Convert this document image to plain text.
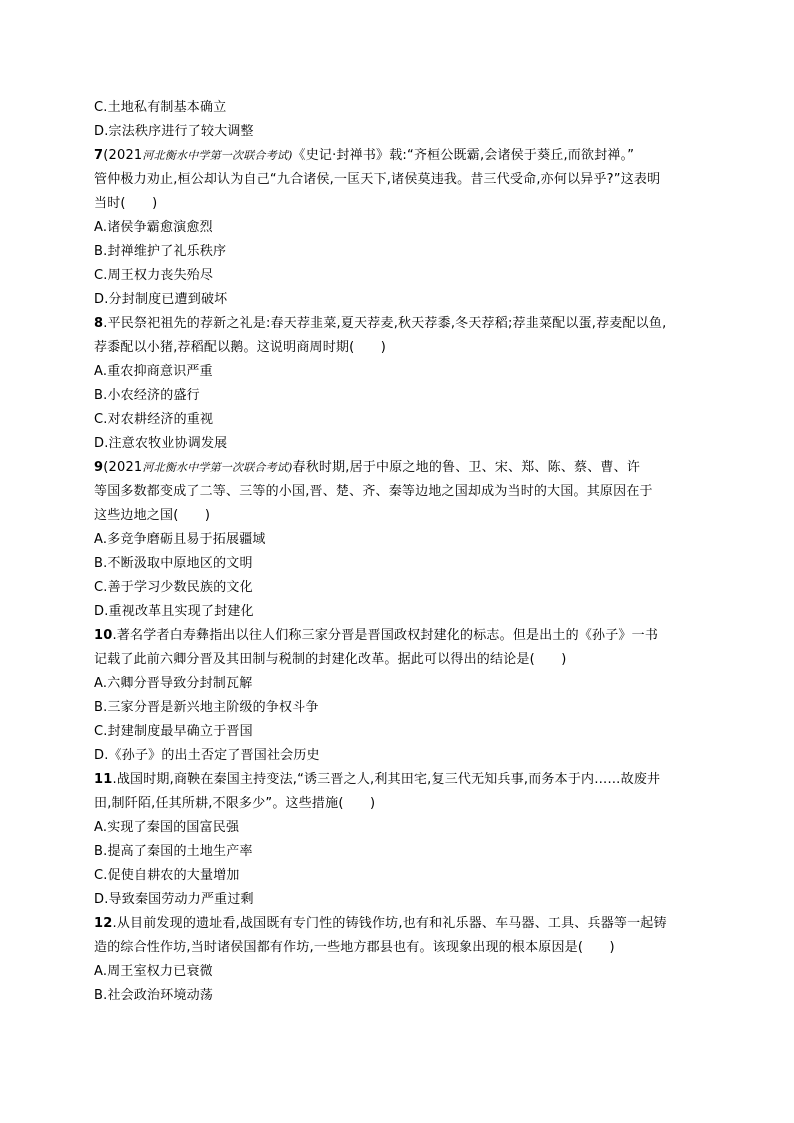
C.土地私有制基本确立
D.宗法秩序进行了较大调整
7(2021河北衡水中学第一次联合考试)《史记·封禅书》载:“齐桓公既霸,会诸侯于葵丘,而欲封禅。”
管仲极力劝止,桓公却认为自己“九合诸侯,一匡天下,诸侯莫违我。昔三代受命,亦何以异乎?”这表明
当时(　　)
A.诸侯争霸愈演愈烈
B.封禅维护了礼乐秩序
C.周王权力丧失殆尽
D.分封制度已遭到破坏
8.平民祭祀祖先的荐新之礼是:春天荐韭菜,夏天荐麦,秋天荐黍,冬天荐稻;荐韭菜配以蛋,荐麦配以鱼,
荐黍配以小猪,荐稻配以鹅。这说明商周时期(　　)
A.重农抑商意识严重
B.小农经济的盛行
C.对农耕经济的重视
D.注意农牧业协调发展
9(2021河北衡水中学第一次联合考试)春秋时期,居于中原之地的鲁、卫、宋、郑、陈、蔡、曹、许
等国多数都变成了二等、三等的小国,晋、楚、齐、秦等边地之国却成为当时的大国。其原因在于
这些边地之国(　　)
A.多竞争磨砺且易于拓展疆域
B.不断汲取中原地区的文明
C.善于学习少数民族的文化
D.重视改革且实现了封建化
10.著名学者白寿彝指出以往人们称三家分晋是晋国政权封建化的标志。但是出土的《孙子》一书
记载了此前六卿分晋及其田制与税制的封建化改革。据此可以得出的结论是(　　)
A.六卿分晋导致分封制瓦解
B.三家分晋是新兴地主阶级的争权斗争
C.封建制度最早确立于晋国
D.《孙子》的出土否定了晋国社会历史
11.战国时期,商鞅在秦国主持变法,“诱三晋之人,利其田宅,复三代无知兵事,而务本于内……故废井
田,制阡陌,任其所耕,不限多少”。这些措施(　　)
A.实现了秦国的国富民强
B.提高了秦国的土地生产率
C.促使自耕农的大量增加
D.导致秦国劳动力严重过剩
12.从目前发现的遗址看,战国既有专门性的铸钱作坊,也有和礼乐器、车马器、工具、兵器等一起铸
造的综合性作坊,当时诸侯国都有作坊,一些地方郡县也有。该现象出现的根本原因是(　　)
A.周王室权力已衰微
B.社会政治环境动荡
